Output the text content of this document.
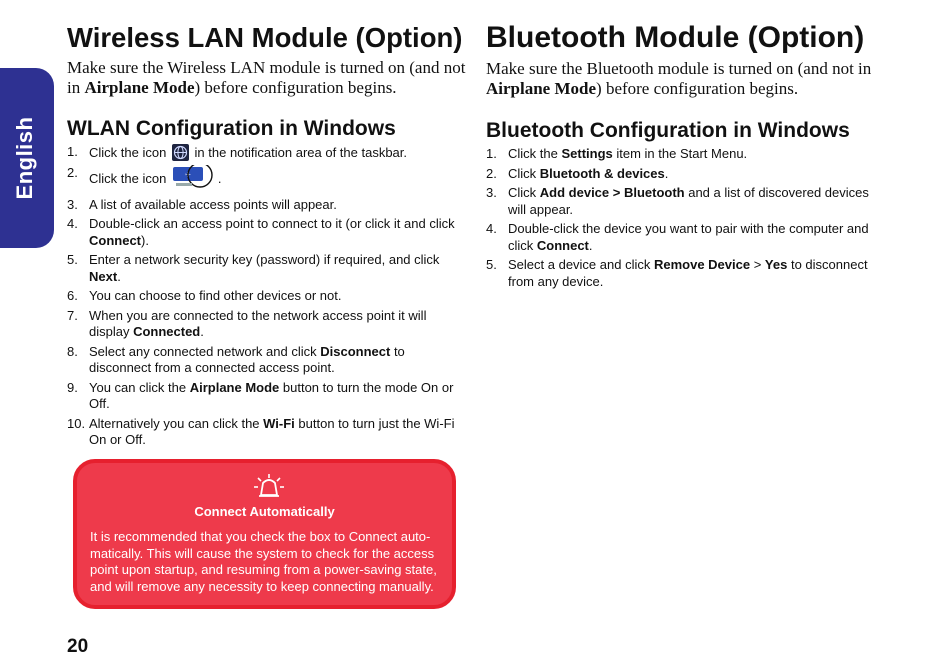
English
Wireless LAN Module (Option)
Make sure the Wireless LAN module is turned on (and not in Airplane Mode) before configuration begins.
WLAN Configuration in Windows
1. Click the icon
in the notification area of the taskbar.
2. Click the icon ✈ .
3. A list of available access points will appear.
4. Double-click an access point to connect to it (or click it and click Connect).
5. Enter a network security key (password) if required, and click Next.
6. You can choose to find other devices or not.
7. When you are connected to the network access point it will display Connected.
8. Select any connected network and click Disconnect to disconnect from a connected access point.
9. You can click the Airplane Mode button to turn the mode On or Off.
10. Alternatively you can click the Wi-Fi button to turn just the Wi-Fi On or Off.
Bluetooth Module (Option)
Make sure the Bluetooth module is turned on (and not in Airplane Mode) before configuration begins.
Bluetooth Configuration in Windows
1. Click the Settings item in the Start Menu.
2. Click Bluetooth & devices.
3. Click Add device > Bluetooth and a list of discovered devices will appear.
4. Double-click the device you want to pair with the computer and click Connect.
5. Select a device and click Remove Device > Yes to disconnect from any device.
Connect Automatically
It is recommended that you check the box to Connect auto-matically. This will cause the system to check for the access point upon startup, and resuming from a power-saving state, and will remove any necessity to keep connecting manually.
20
